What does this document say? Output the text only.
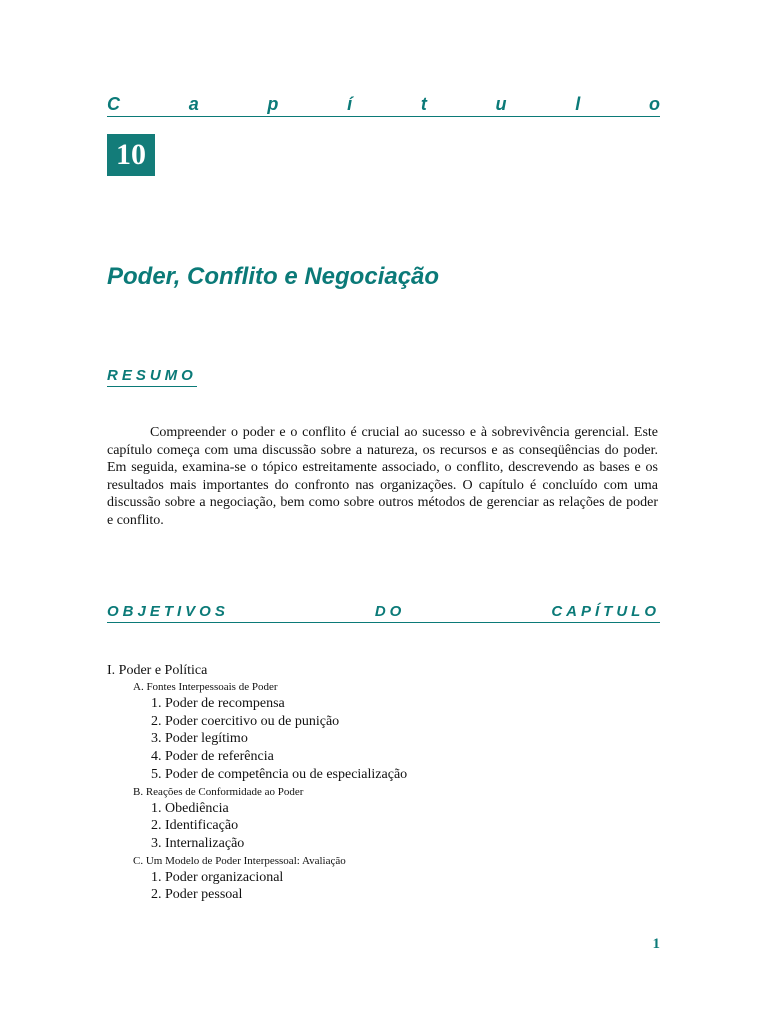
C	a	p	í	t	u	l	o
10
Poder, Conflito e Negociação
RESUMO

Compreender o poder e o conflito é crucial ao sucesso e à sobrevivência gerencial. Este capítulo começa com uma discussão sobre a natureza, os recursos e as conseqüências do poder. Em seguida, examina-se o tópico estreitamente associado, o conflito, descrevendo as bases e os resultados mais importantes do confronto nas organizações. O capítulo é concluído com uma discussão sobre a negociação, bem como sobre outros métodos de gerenciar as relações de poder e conflito.

OBJETIVOS	DO	CAPÍTULO
I. Poder e Política
A. Fontes Interpessoais de Poder
1. Poder de recompensa
2. Poder coercitivo ou de punição
3. Poder legítimo
4. Poder de referência
5. Poder de competência ou de especialização
B. Reações de Conformidade ao Poder
1. Obediência
2. Identificação
3. Internalização
C. Um Modelo de Poder Interpessoal: Avaliação
1. Poder organizacional
2. Poder pessoal
1
